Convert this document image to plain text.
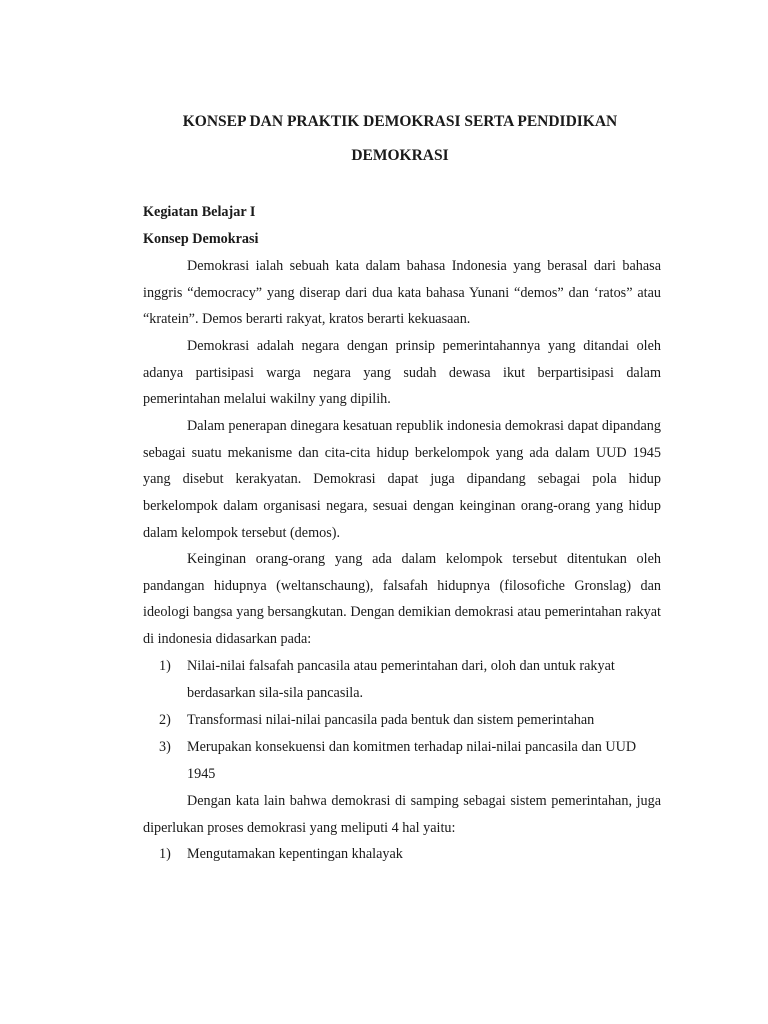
KONSEP DAN PRAKTIK DEMOKRASI SERTA PENDIDIKAN
DEMOKRASI
Kegiatan Belajar I
Konsep Demokrasi

Demokrasi ialah sebuah kata dalam bahasa Indonesia yang berasal dari bahasa inggris “democracy” yang diserap dari dua kata bahasa Yunani “demos” dan ‘ratos” atau “kratein”. Demos berarti rakyat, kratos berarti kekuasaan.

Demokrasi adalah negara dengan prinsip pemerintahannya yang ditandai oleh adanya partisipasi warga negara yang sudah dewasa ikut berpartisipasi dalam pemerintahan melalui wakilny yang dipilih.

Dalam penerapan dinegara kesatuan republik indonesia demokrasi dapat dipandang sebagai suatu mekanisme dan cita-cita hidup berkelompok yang ada dalam UUD 1945 yang disebut kerakyatan. Demokrasi dapat juga dipandang sebagai pola hidup berkelompok dalam organisasi negara, sesuai dengan keinginan orang-orang yang hidup dalam kelompok tersebut (demos).

Keinginan orang-orang yang ada dalam kelompok tersebut ditentukan oleh pandangan hidupnya (weltanschaung), falsafah hidupnya (filosofiche Gronslag) dan ideologi bangsa yang bersangkutan. Dengan demikian demokrasi atau pemerintahan rakyat di indonesia didasarkan pada:

1) Nilai-nilai falsafah pancasila atau pemerintahan dari, oloh dan untuk rakyat berdasarkan sila-sila pancasila.
2) Transformasi nilai-nilai pancasila pada bentuk dan sistem pemerintahan
3) Merupakan konsekuensi dan komitmen terhadap nilai-nilai pancasila dan UUD 1945

Dengan kata lain bahwa demokrasi di samping sebagai sistem pemerintahan, juga diperlukan proses demokrasi yang meliputi 4 hal yaitu:

1) Mengutamakan kepentingan khalayak
